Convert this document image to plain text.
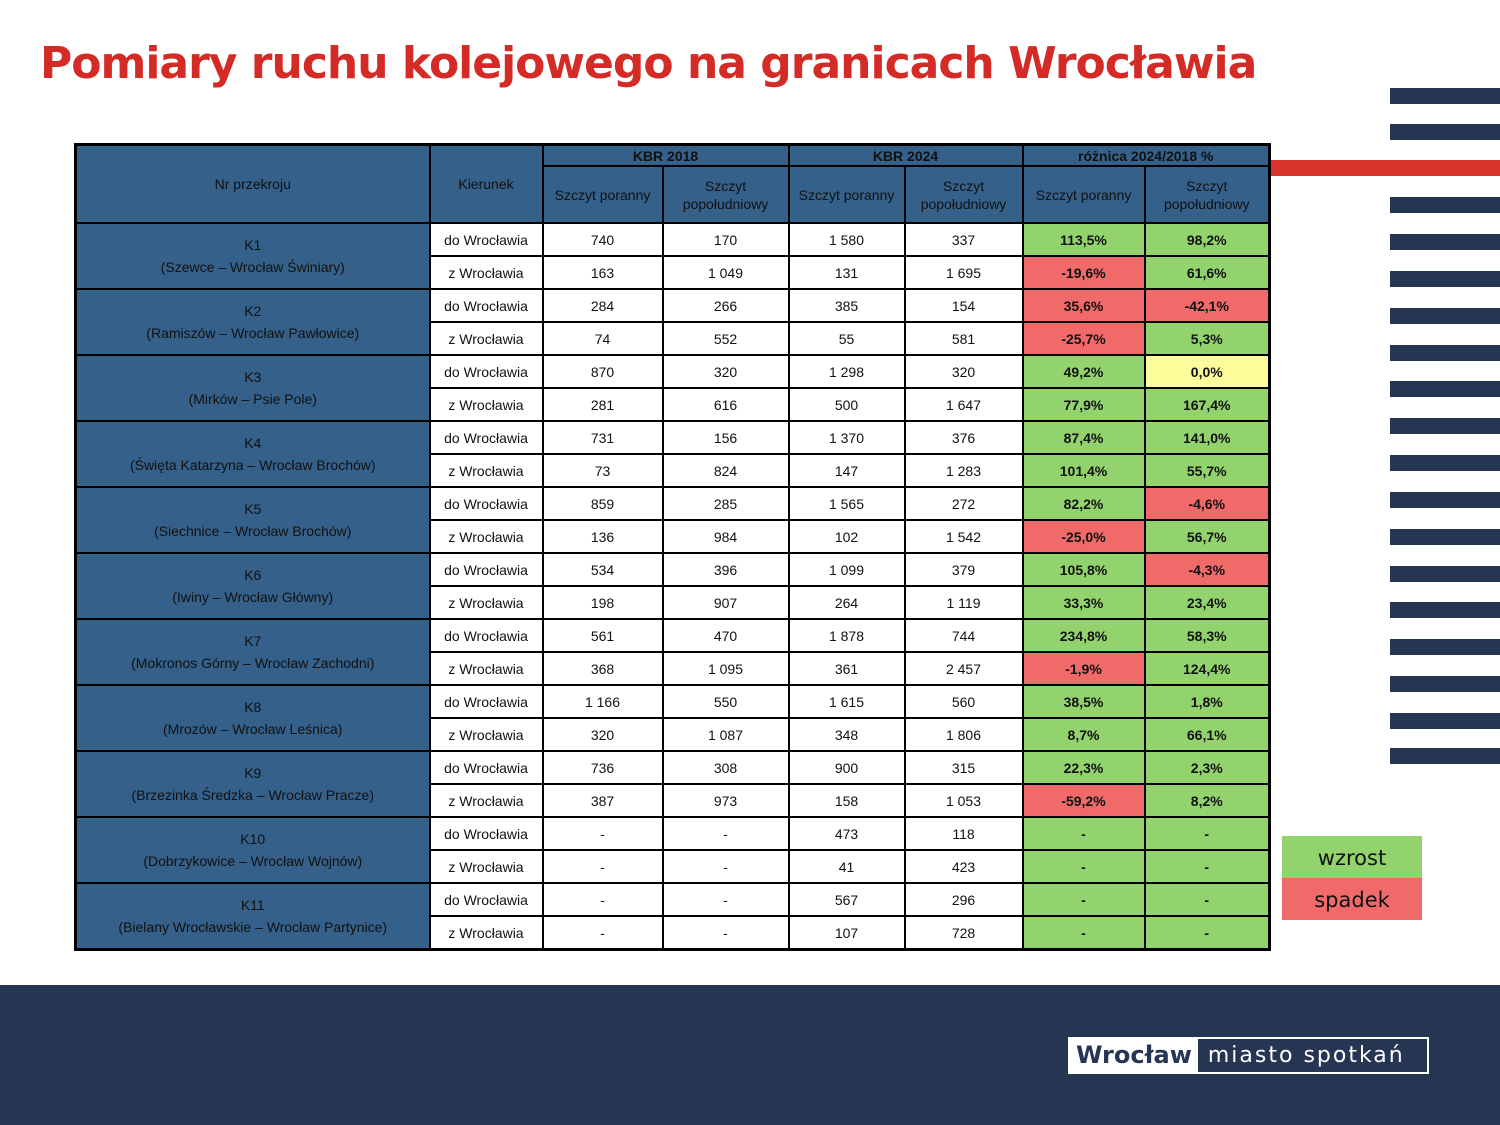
Pomiary ruchu kolejowego na granicach Wrocławia
Nr przekroju	Kierunek	KBR 2018		KBR 2024		różnica 2024/2018 %	
		Szczyt poranny	Szczyt popołudniowy	Szczyt poranny	Szczyt popołudniowy	Szczyt poranny	Szczyt popołudniowy

K1
(Szewce – Wrocław Świniary)	do Wrocławia	740	170	1 580	337	113,5%	98,2%
	z Wrocławia	163	1 049	131	1 695	-19,6%	61,6%

K2
(Ramiszów – Wrocław Pawłowice)	do Wrocławia	284	266	385	154	35,6%	-42,1%
	z Wrocławia	74	552	55	581	-25,7%	5,3%

K3
(Mirków – Psie Pole)	do Wrocławia	870	320	1 298	320	49,2%	0,0%
	z Wrocławia	281	616	500	1 647	77,9%	167,4%

K4
(Święta Katarzyna – Wrocław Brochów)	do Wrocławia	731	156	1 370	376	87,4%	141,0%
	z Wrocławia	73	824	147	1 283	101,4%	55,7%

K5
(Siechnice – Wrocław Brochów)	do Wrocławia	859	285	1 565	272	82,2%	-4,6%
	z Wrocławia	136	984	102	1 542	-25,0%	56,7%

K6
(Iwiny – Wrocław Główny)	do Wrocławia	534	396	1 099	379	105,8%	-4,3%
	z Wrocławia	198	907	264	1 119	33,3%	23,4%

K7
(Mokronos Górny – Wrocław Zachodni)	do Wrocławia	561	470	1 878	744	234,8%	58,3%
	z Wrocławia	368	1 095	361	2 457	-1,9%	124,4%

K8
(Mrozów – Wrocław Leśnica)	do Wrocławia	1 166	550	1 615	560	38,5%	1,8%
	z Wrocławia	320	1 087	348	1 806	8,7%	66,1%

K9
(Brzezinka Średzka – Wrocław Pracze)	do Wrocławia	736	308	900	315	22,3%	2,3%
	z Wrocławia	387	973	158	1 053	-59,2%	8,2%

K10
(Dobrzykowice – Wrocław Wojnów)	do Wrocławia	-	-	473	118	-	-
	z Wrocławia	-	-	41	423	-	-

K11
(Bielany Wrocławskie – Wrocław Partynice)	do Wrocławia	-	-	567	296	-	-
	z Wrocławia	-	-	107	728	-	-
wzrost
spadek
Wrocław miasto spotkań
